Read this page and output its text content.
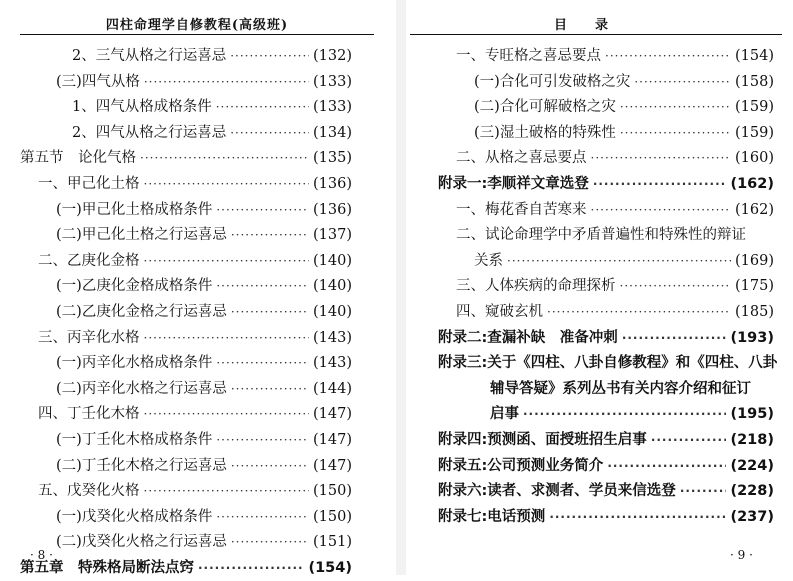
四柱命理学自修教程(高级班)
2、三气从格之行运喜忌 ·····	(132)
(三)四气从格 ·····	(133)
1、四气从格成格条件 ·····	(133)
2、四气从格之行运喜忌 ·····	(134)
第五节　论化气格 ·····	(135)
一、甲己化土格 ·····	(136)
(一)甲己化土格成格条件 ·····	(136)
(二)甲己化土格之行运喜忌 ·····	(137)
二、乙庚化金格 ·····	(140)
(一)乙庚化金格成格条件 ·····	(140)
(二)乙庚化金格之行运喜忌 ·····	(140)
三、丙辛化水格 ·····	(143)
(一)丙辛化水格成格条件 ·····	(143)
(二)丙辛化水格之行运喜忌 ·····	(144)
四、丁壬化木格 ·····	(147)
(一)丁壬化木格成格条件 ·····	(147)
(二)丁壬化木格之行运喜忌 ·····	(147)
五、戊癸化火格 ·····	(150)
(一)戊癸化火格成格条件 ·····	(150)
(二)戊癸化火格之行运喜忌 ·····	(151)
第五章　特殊格局断法点窍 ·····	(154)
· 8 ·
目录
一、专旺格之喜忌要点 ·····	(154)
(一)合化可引发破格之灾 ·····	(158)
(二)合化可解破格之灾 ·····	(159)
(三)湿土破格的特殊性 ·····	(159)
二、从格之喜忌要点 ·····	(160)
附录一:李顺祥文章选登 ·····	(162)
一、梅花香自苦寒来 ·····	(162)
二、试论命理学中矛盾普遍性和特殊性的辩证
关系 ·····	(169)
三、人体疾病的命理探析 ·····	(175)
四、窥破玄机 ·····	(185)
附录二:查漏补缺　准备冲刺 ·····	(193)
附录三:关于《四柱、八卦自修教程》和《四柱、八卦
辅导答疑》系列丛书有关内容介绍和征订
启事 ·····	(195)
附录四:预测函、面授班招生启事 ·····	(218)
附录五:公司预测业务简介 ·····	(224)
附录六:读者、求测者、学员来信选登 ·····	(228)
附录七:电话预测 ·····	(237)
· 9 ·
